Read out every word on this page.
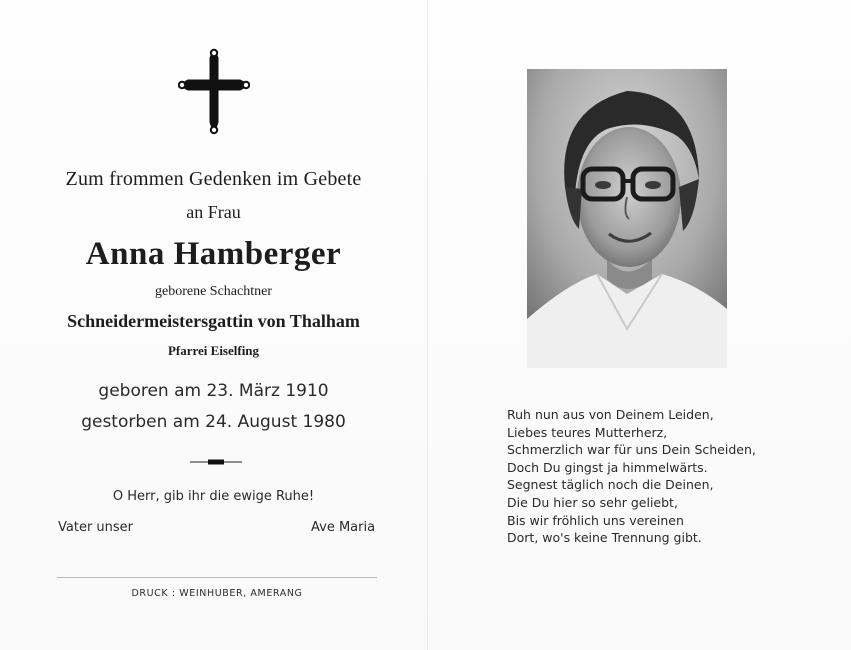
Zum frommen Gedenken im Gebete
an Frau
Anna Hamberger
geborene Schachtner
Schneidermeistersgattin von Thalham
Pfarrei Eiselfing
geboren am 23. März 1910
gestorben am 24. August 1980
O Herr, gib ihr die ewige Ruhe!
Vater unser	Ave Maria
DRUCK : WEINHUBER, AMERANG
Ruh nun aus von Deinem Leiden,
Liebes teures Mutterherz,
Schmerzlich war für uns Dein Scheiden,
Doch Du gingst ja himmelwärts.
Segnest täglich noch die Deinen,
Die Du hier so sehr geliebt,
Bis wir fröhlich uns vereinen
Dort, wo's keine Trennung gibt.
